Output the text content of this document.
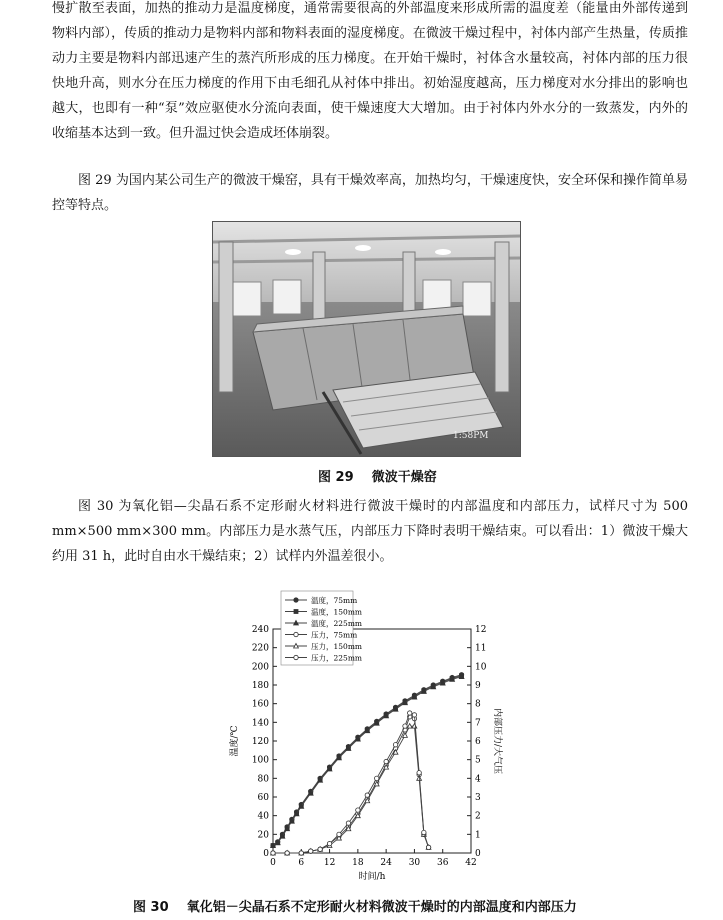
慢扩散至表面，加热的推动力是温度梯度，通常需要很高的外部温度来形成所需的温度差（能量由外部传递到物料内部），传质的推动力是物料内部和物料表面的湿度梯度。在微波干燥过程中，衬体内部产生热量，传质推动力主要是物料内部迅速产生的蒸汽所形成的压力梯度。在开始干燥时，衬体含水量较高，衬体内部的压力很快地升高，则水分在压力梯度的作用下由毛细孔从衬体中排出。初始湿度越高，压力梯度对水分排出的影响也越大，也即有一种“泵”效应驱使水分流向表面，使干燥速度大大增加。由于衬体内外水分的一致蒸发，内外的收缩基本达到一致。但升温过快会造成坯体崩裂。

图 29 为国内某公司生产的微波干燥窑，具有干燥效率高，加热均匀，干燥速度快，安全环保和操作简单易控等特点。

1:58PM
图 29    微波干燥窑

图 30 为氧化铝—尖晶石系不定形耐火材料进行微波干燥时的内部温度和内部压力，试样尺寸为 500 mm×500 mm×300 mm。内部压力是水蒸气压，内部压力下降时表明干燥结束。可以看出：1）微波干燥大约用 31 h，此时自由水干燥结束；2）试样内外温差很小。

0	6 12 18 24 30 36 42
0
20
40
60
80
100
120
140
160
180
200
220
240
0
1
2
3
4
5
6
7
8
9
10
11
12
温度，75mm
温度，150mm
温度，225mm
压力，75mm
压力，150mm
压力，225mm
时间/h
温度/℃	内部压力/大气压
图 30    氧化铝－尖晶石系不定形耐火材料微波干燥时的内部温度和内部压力
